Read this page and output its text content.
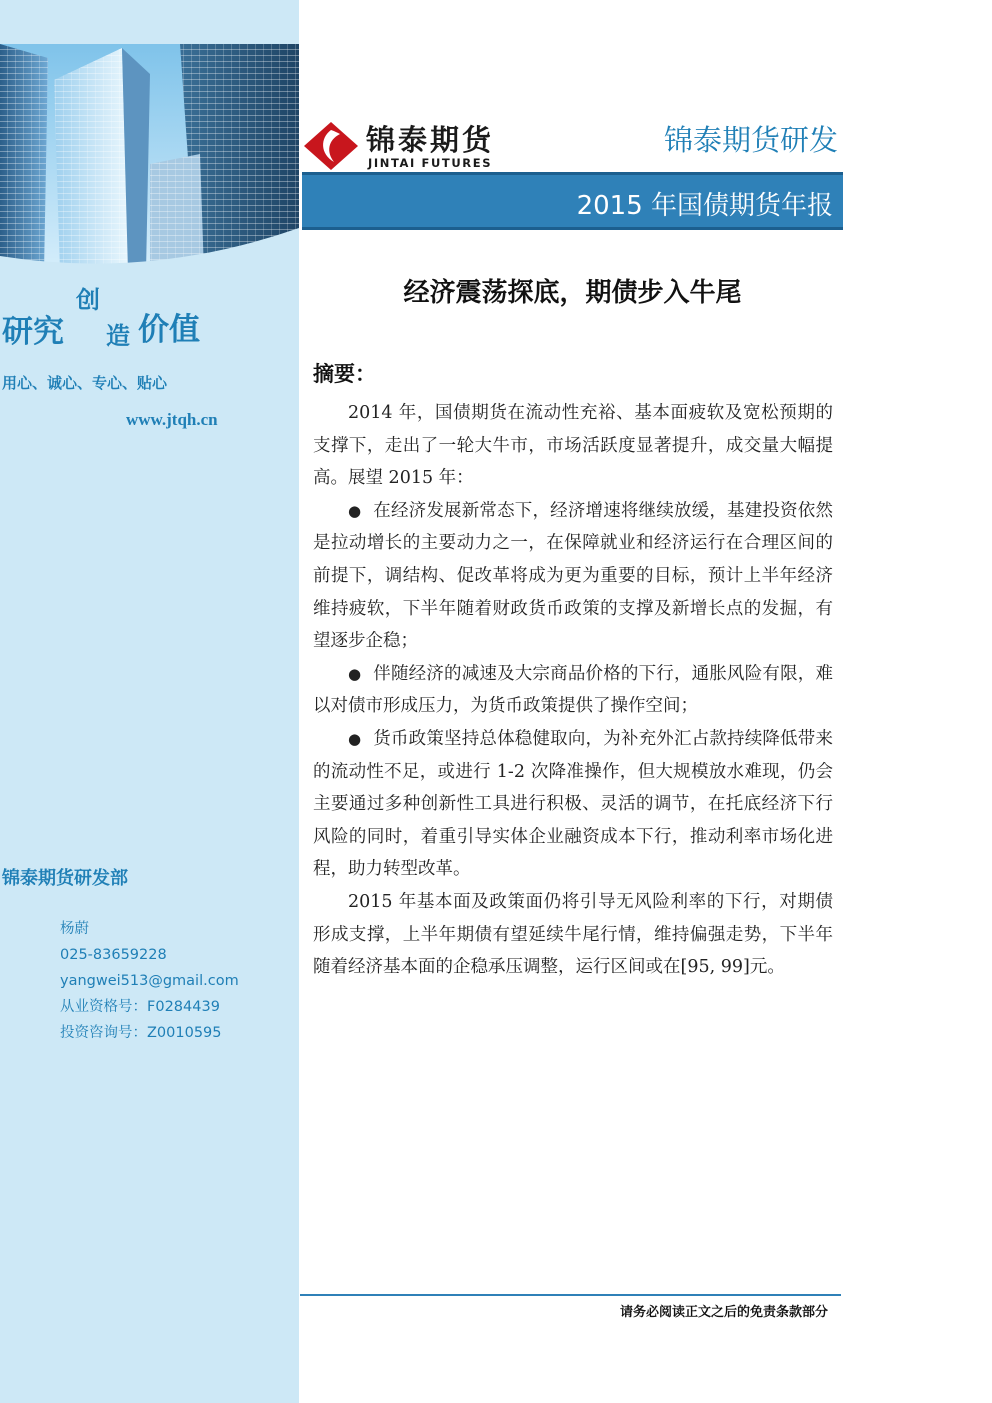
研究
创
造 价值
用心、诚心、专心、贴心
www.jtqh.cn
锦泰期货研发部
杨蔚
025-83659228
yangwei513@gmail.com
从业资格号：F0284439
投资咨询号：Z0010595
锦泰期货
JINTAI FUTURES
锦泰期货研发
2015 年国债期货年报
经济震荡探底，期债步入牛尾
摘要：

2014 年，国债期货在流动性充裕、基本面疲软及宽松预期的支撑下，走出了一轮大牛市，市场活跃度显著提升，成交量大幅提高。展望 2015 年：

● 在经济发展新常态下，经济增速将继续放缓，基建投资依然是拉动增长的主要动力之一，在保障就业和经济运行在合理区间的前提下，调结构、促改革将成为更为重要的目标，预计上半年经济维持疲软，下半年随着财政货币政策的支撑及新增长点的发掘，有望逐步企稳；

● 伴随经济的减速及大宗商品价格的下行，通胀风险有限，难以对债市形成压力，为货币政策提供了操作空间；

● 货币政策坚持总体稳健取向，为补充外汇占款持续降低带来的流动性不足，或进行 1-2 次降准操作，但大规模放水难现，仍会主要通过多种创新性工具进行积极、灵活的调节，在托底经济下行风险的同时，着重引导实体企业融资成本下行，推动利率市场化进程，助力转型改革。

2015 年基本面及政策面仍将引导无风险利率的下行，对期债形成支撑，上半年期债有望延续牛尾行情，维持偏强走势，下半年随着经济基本面的企稳承压调整，运行区间或在[95, 99]元。

请务必阅读正文之后的免责条款部分
